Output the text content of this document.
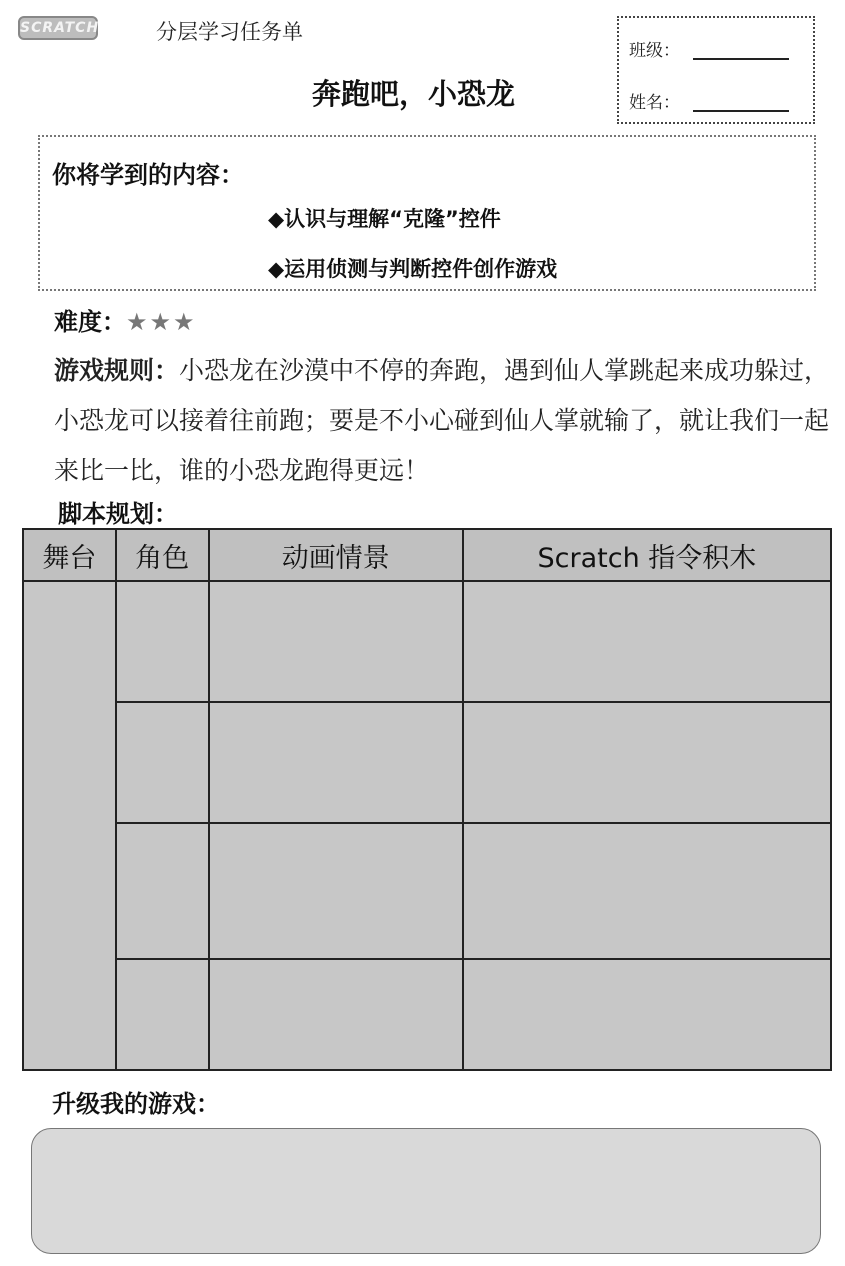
SCRATCH	分层学习任务单
奔跑吧，小恐龙
班级：
姓名：
你将学到的内容：
◆认识与理解“克隆”控件
◆运用侦测与判断控件创作游戏
难度：★★★
游戏规则：小恐龙在沙漠中不停的奔跑，遇到仙人掌跳起来成功躲过，小恐龙可以接着往前跑；要是不小心碰到仙人掌就输了，就让我们一起来比一比，谁的小恐龙跑得更远！
脚本规划：
舞台	角色	动画情景	Scratch 指令积木

升级我的游戏：
